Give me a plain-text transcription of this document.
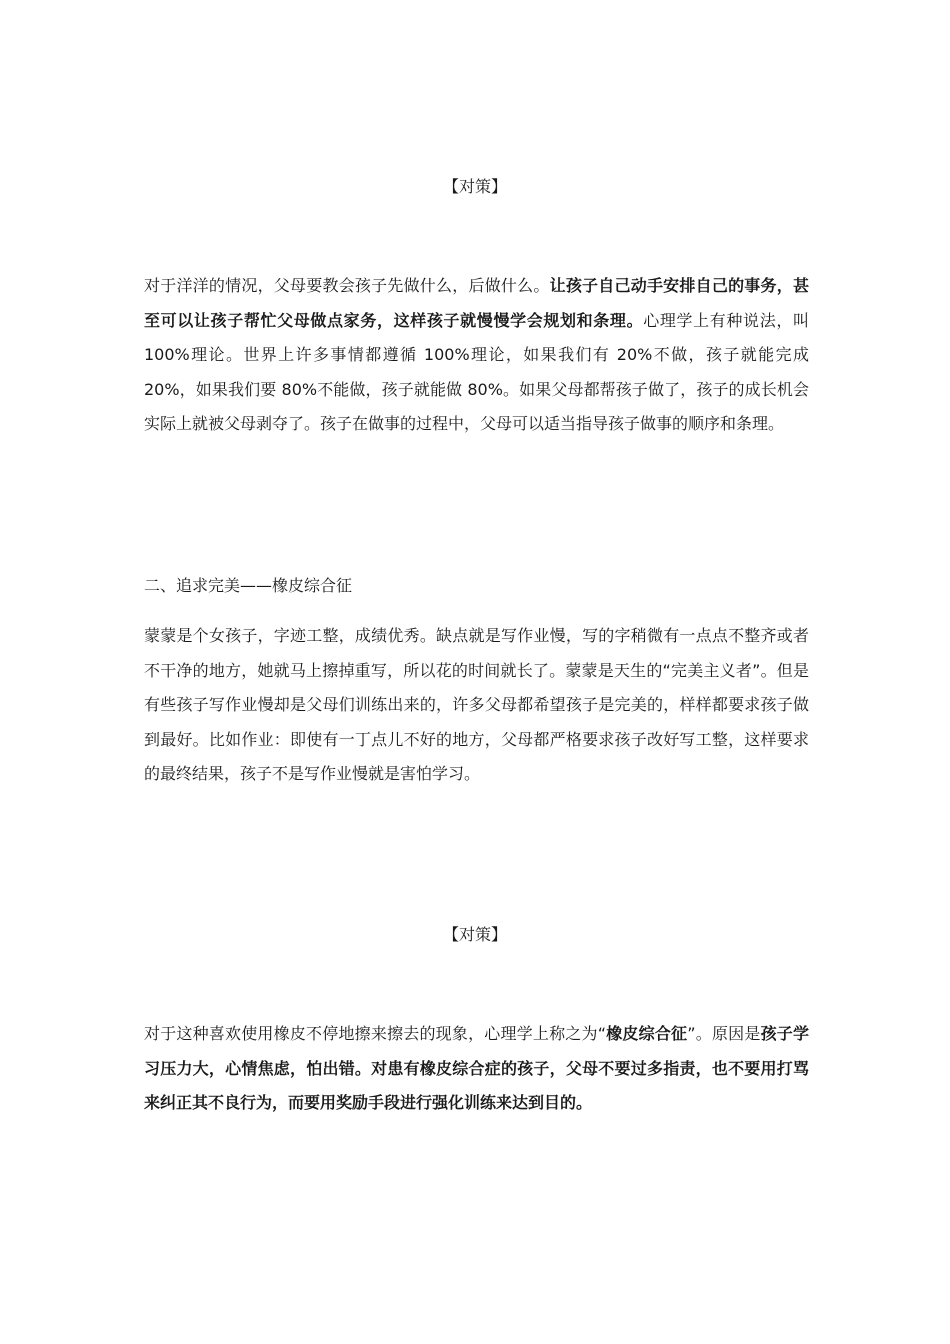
【对策】
对于洋洋的情况，父母要教会孩子先做什么，后做什么。让孩子自己动手安排自己的事务，甚至可以让孩子帮忙父母做点家务，这样孩子就慢慢学会规划和条理。心理学上有种说法，叫 100%理论。世界上许多事情都遵循 100%理论，如果我们有 20%不做，孩子就能完成 20%，如果我们要 80%不能做，孩子就能做 80%。如果父母都帮孩子做了，孩子的成长机会实际上就被父母剥夺了。孩子在做事的过程中，父母可以适当指导孩子做事的顺序和条理。
二、追求完美——橡皮综合征
蒙蒙是个女孩子，字迹工整，成绩优秀。缺点就是写作业慢，写的字稍微有一点点不整齐或者不干净的地方，她就马上擦掉重写，所以花的时间就长了。蒙蒙是天生的“完美主义者”。但是有些孩子写作业慢却是父母们训练出来的，许多父母都希望孩子是完美的，样样都要求孩子做到最好。比如作业：即使有一丁点儿不好的地方，父母都严格要求孩子改好写工整，这样要求的最终结果，孩子不是写作业慢就是害怕学习。
【对策】
对于这种喜欢使用橡皮不停地擦来擦去的现象，心理学上称之为“橡皮综合征”。原因是孩子学习压力大，心情焦虑，怕出错。对患有橡皮综合症的孩子，父母不要过多指责，也不要用打骂来纠正其不良行为，而要用奖励手段进行强化训练来达到目的。
